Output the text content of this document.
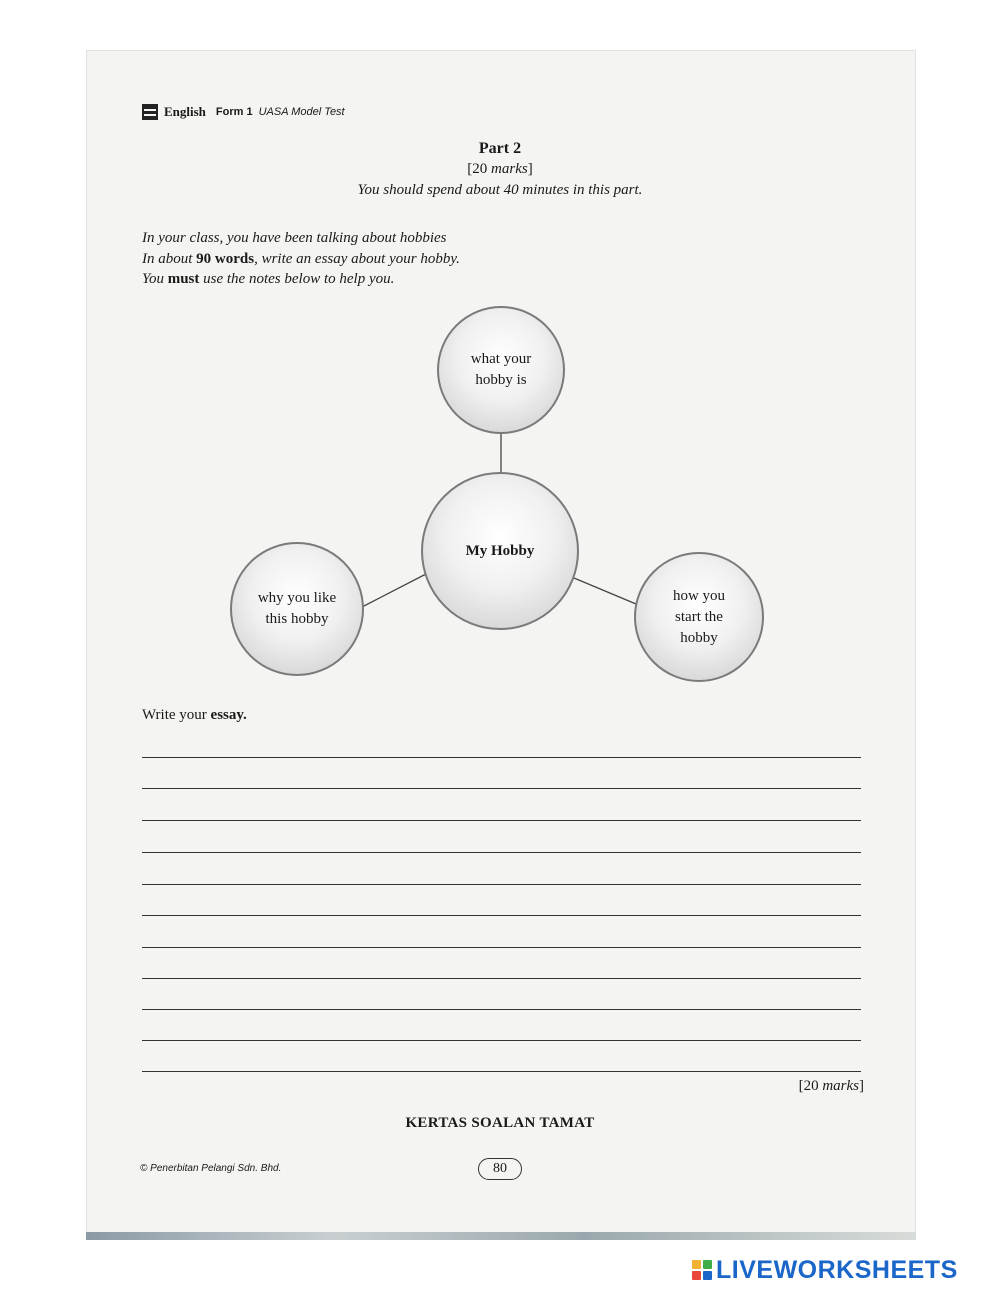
English Form 1 UASA Model Test
Part 2
[20 marks]
You should spend about 40 minutes in this part.
In your class, you have been talking about hobbies
In about 90 words, write an essay about your hobby.
You must use the notes below to help you.
what your
hobby is
My Hobby
why you like
this hobby
how you
start the
hobby
Write your essay.
[20 marks]
KERTAS SOALAN TAMAT
© Penerbitan Pelangi Sdn. Bhd.	80
LIVEWORKSHEETS
